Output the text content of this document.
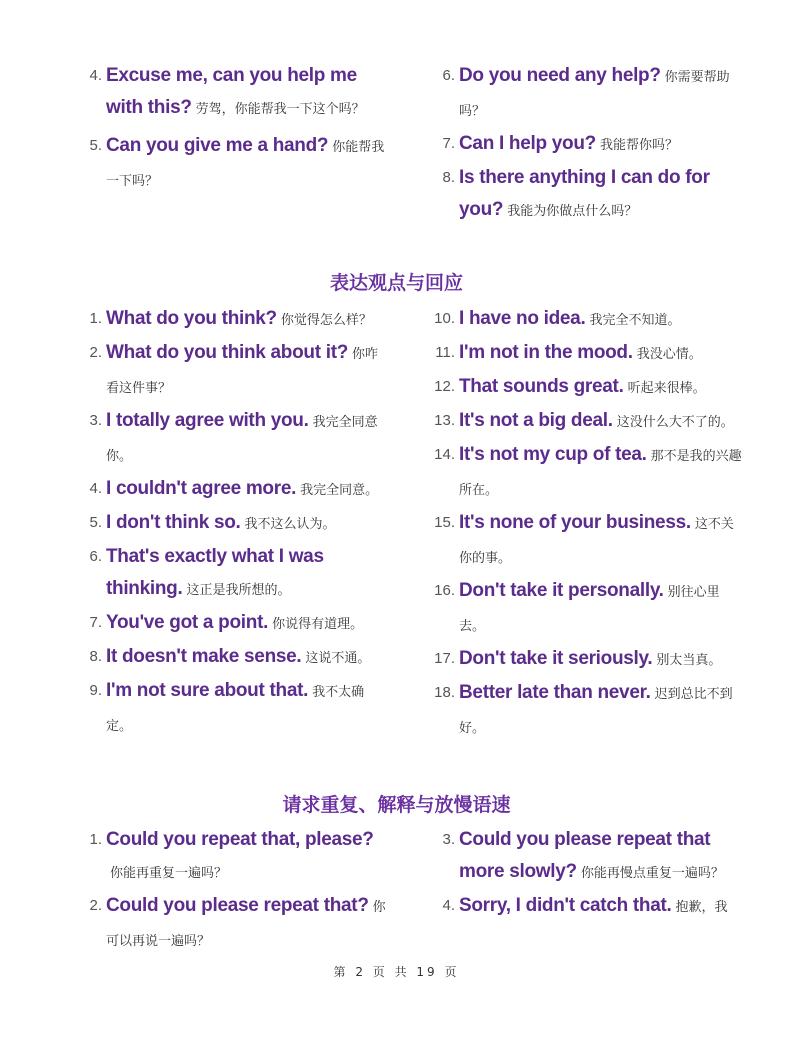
4. Excuse me, can you help me with this? 劳驾，你能帮我一下这个吗？
5. Can you give me a hand? 你能帮我一下吗？
6. Do you need any help? 你需要帮助吗？
7. Can I help you? 我能帮你吗？
8. Is there anything I can do for you? 我能为你做点什么吗？
表达观点与回应
1. What do you think? 你觉得怎么样？
2. What do you think about it? 你咋看这件事？
3. I totally agree with you. 我完全同意你。
4. I couldn't agree more. 我完全同意。
5. I don't think so. 我不这么认为。
6. That's exactly what I was thinking. 这正是我所想的。
7. You've got a point. 你说得有道理。
8. It doesn't make sense. 这说不通。
9. I'm not sure about that. 我不太确定。
10. I have no idea. 我完全不知道。
11. I'm not in the mood. 我没心情。
12. That sounds great. 听起来很棒。
13. It's not a big deal. 这没什么大不了的。
14. It's not my cup of tea. 那不是我的兴趣所在。
15. It's none of your business. 这不关你的事。
16. Don't take it personally. 别往心里去。
17. Don't take it seriously. 别太当真。
18. Better late than never. 迟到总比不到好。
请求重复、解释与放慢语速
1. Could you repeat that, please?你能再重复一遍吗？
2. Could you please repeat that? 你可以再说一遍吗？
3. Could you please repeat that more slowly? 你能再慢点重复一遍吗？
4. Sorry, I didn't catch that. 抱歉，我
第 2 页 共 19 页
